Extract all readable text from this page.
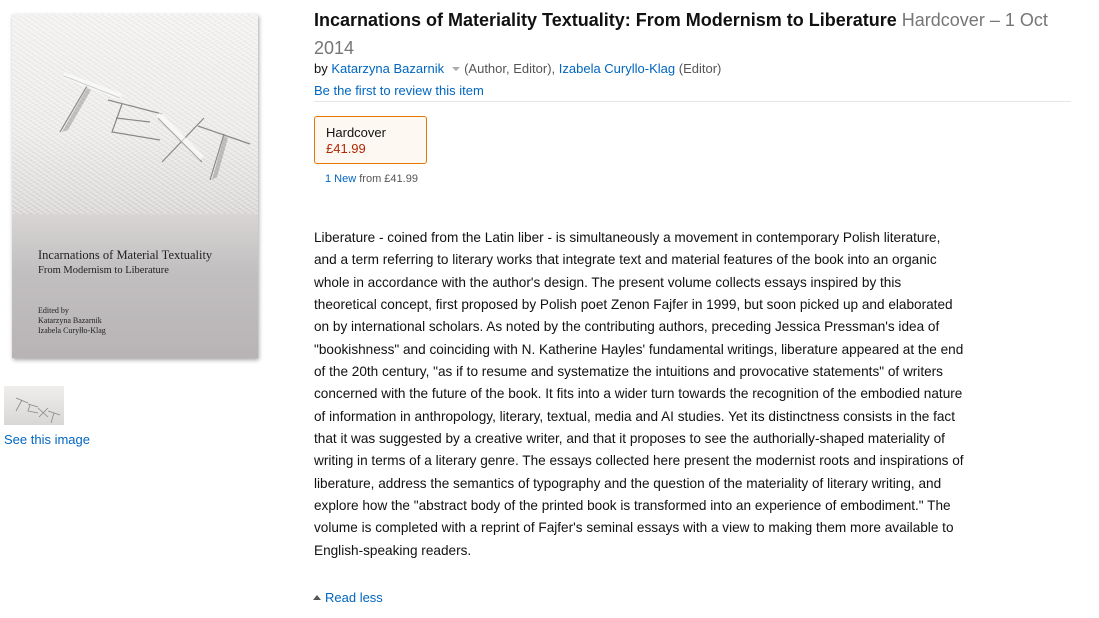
Incarnations of Material Textuality
From Modernism to Liberature
Edited by
Katarzyna Bazarnik
Izabela Curyłło-Klag
See this image
Incarnations of Materiality Textuality: From Modernism to Liberature Hardcover – 1 Oct 2014
by Katarzyna Bazarnik (Author, Editor), Izabela Curyllo-Klag (Editor)
Be the first to review this item
Hardcover
£41.99
1 New from £41.99
Liberature - coined from the Latin liber - is simultaneously a movement in contemporary Polish literature, and a term referring to literary works that integrate text and material features of the book into an organic whole in accordance with the author's design. The present volume collects essays inspired by this theoretical concept, first proposed by Polish poet Zenon Fajfer in 1999, but soon picked up and elaborated on by international scholars. As noted by the contributing authors, preceding Jessica Pressman's idea of "bookishness" and coinciding with N. Katherine Hayles' fundamental writings, liberature appeared at the end of the 20th century, "as if to resume and systematize the intuitions and provocative statements" of writers concerned with the future of the book. It fits into a wider turn towards the recognition of the embodied nature of information in anthropology, literary, textual, media and AI studies. Yet its distinctness consists in the fact that it was suggested by a creative writer, and that it proposes to see the authorially-shaped materiality of writing in terms of a literary genre. The essays collected here present the modernist roots and inspirations of liberature, address the semantics of typography and the question of the materiality of literary writing, and explore how the "abstract body of the printed book is transformed into an experience of embodiment." The volume is completed with a reprint of Fajfer's seminal essays with a view to making them more available to English-speaking readers.
Read less
